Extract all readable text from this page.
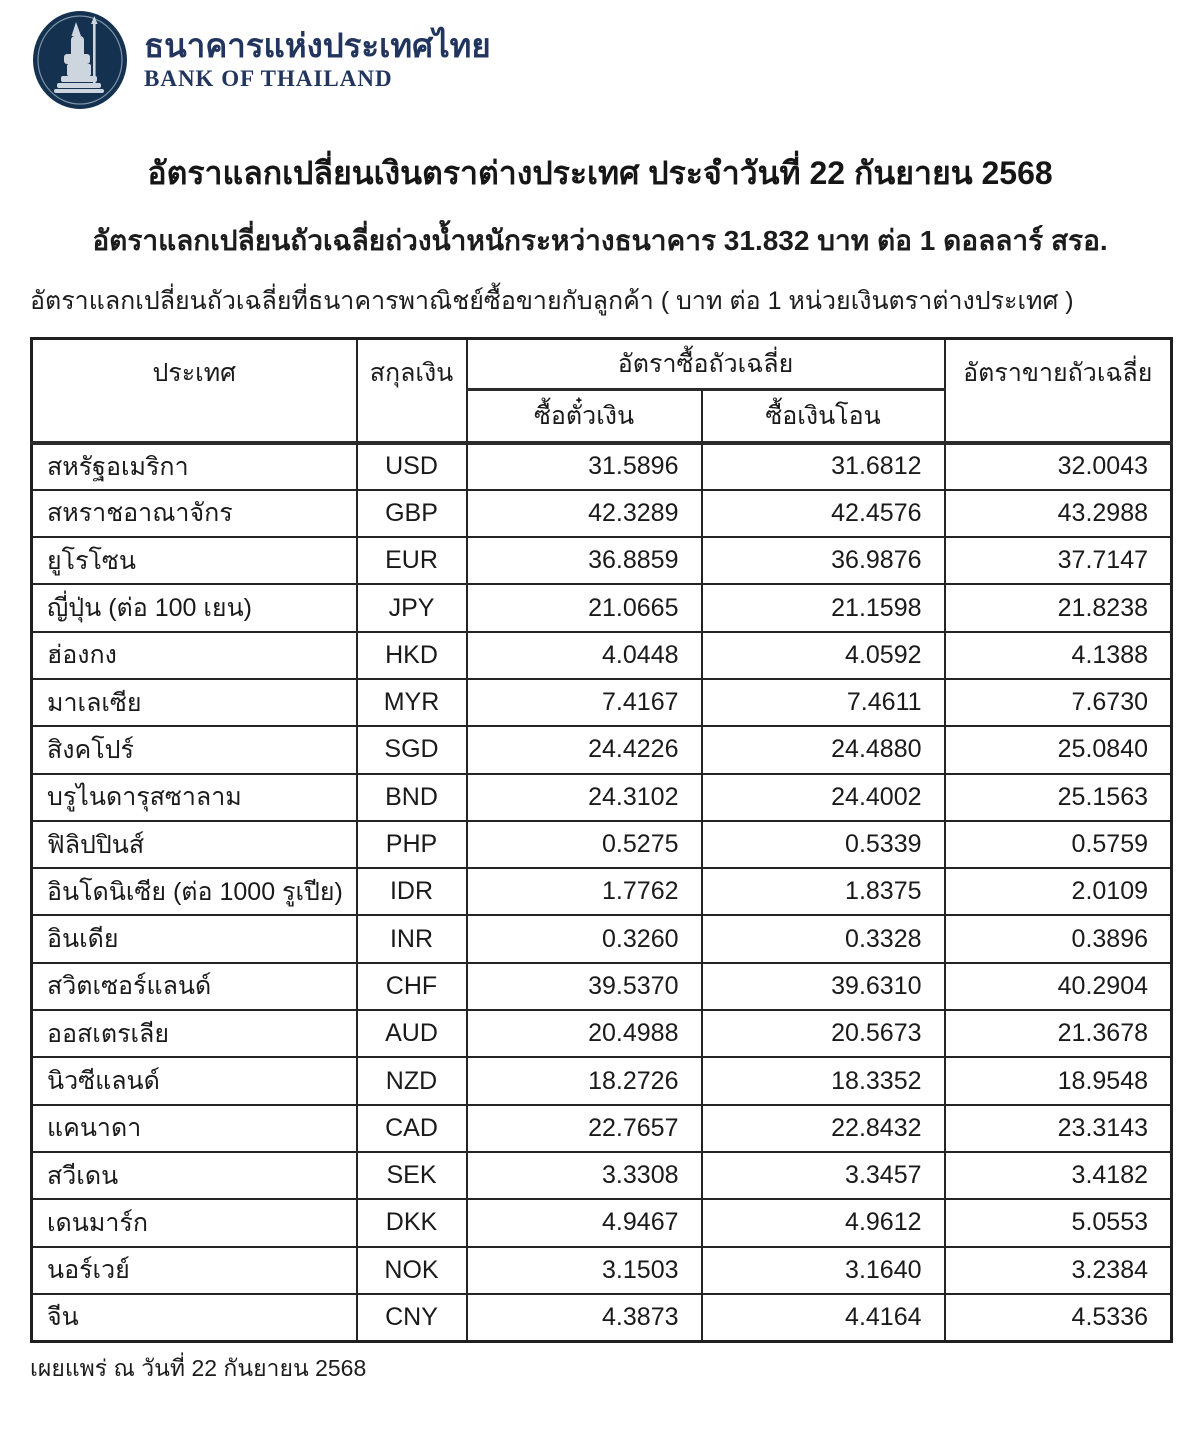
ธนาคารแห่งประเทศไทย
BANK OF THAILAND
อัตราแลกเปลี่ยนเงินตราต่างประเทศ ประจำวันที่ 22 กันยายน 2568
อัตราแลกเปลี่ยนถัวเฉลี่ยถ่วงน้ำหนักระหว่างธนาคาร 31.832 บาท ต่อ 1 ดอลลาร์ สรอ.
อัตราแลกเปลี่ยนถัวเฉลี่ยที่ธนาคารพาณิชย์ซื้อขายกับลูกค้า ( บาท ต่อ 1 หน่วยเงินตราต่างประเทศ )
ประเทศ	สกุลเงิน	อัตราซื้อถัวเฉลี่ย		อัตราขายถัวเฉลี่ย
		ซื้อตั๋วเงิน	ซื้อเงินโอน	
สหรัฐอเมริกา	USD	31.5896	31.6812	32.0043
สหราชอาณาจักร	GBP	42.3289	42.4576	43.2988
ยูโรโซน	EUR	36.8859	36.9876	37.7147
ญี่ปุ่น (ต่อ 100 เยน)	JPY	21.0665	21.1598	21.8238
ฮ่องกง	HKD	4.0448	4.0592	4.1388
มาเลเซีย	MYR	7.4167	7.4611	7.6730
สิงคโปร์	SGD	24.4226	24.4880	25.0840
บรูไนดารุสซาลาม	BND	24.3102	24.4002	25.1563
ฟิลิปปินส์	PHP	0.5275	0.5339	0.5759
อินโดนิเซีย (ต่อ 1000 รูเปีย)	IDR	1.7762	1.8375	2.0109
อินเดีย	INR	0.3260	0.3328	0.3896
สวิตเซอร์แลนด์	CHF	39.5370	39.6310	40.2904
ออสเตรเลีย	AUD	20.4988	20.5673	21.3678
นิวซีแลนด์	NZD	18.2726	18.3352	18.9548
แคนาดา	CAD	22.7657	22.8432	23.3143
สวีเดน	SEK	3.3308	3.3457	3.4182
เดนมาร์ก	DKK	4.9467	4.9612	5.0553
นอร์เวย์	NOK	3.1503	3.1640	3.2384
จีน	CNY	4.3873	4.4164	4.5336
เผยแพร่ ณ วันที่ 22 กันยายน 2568
